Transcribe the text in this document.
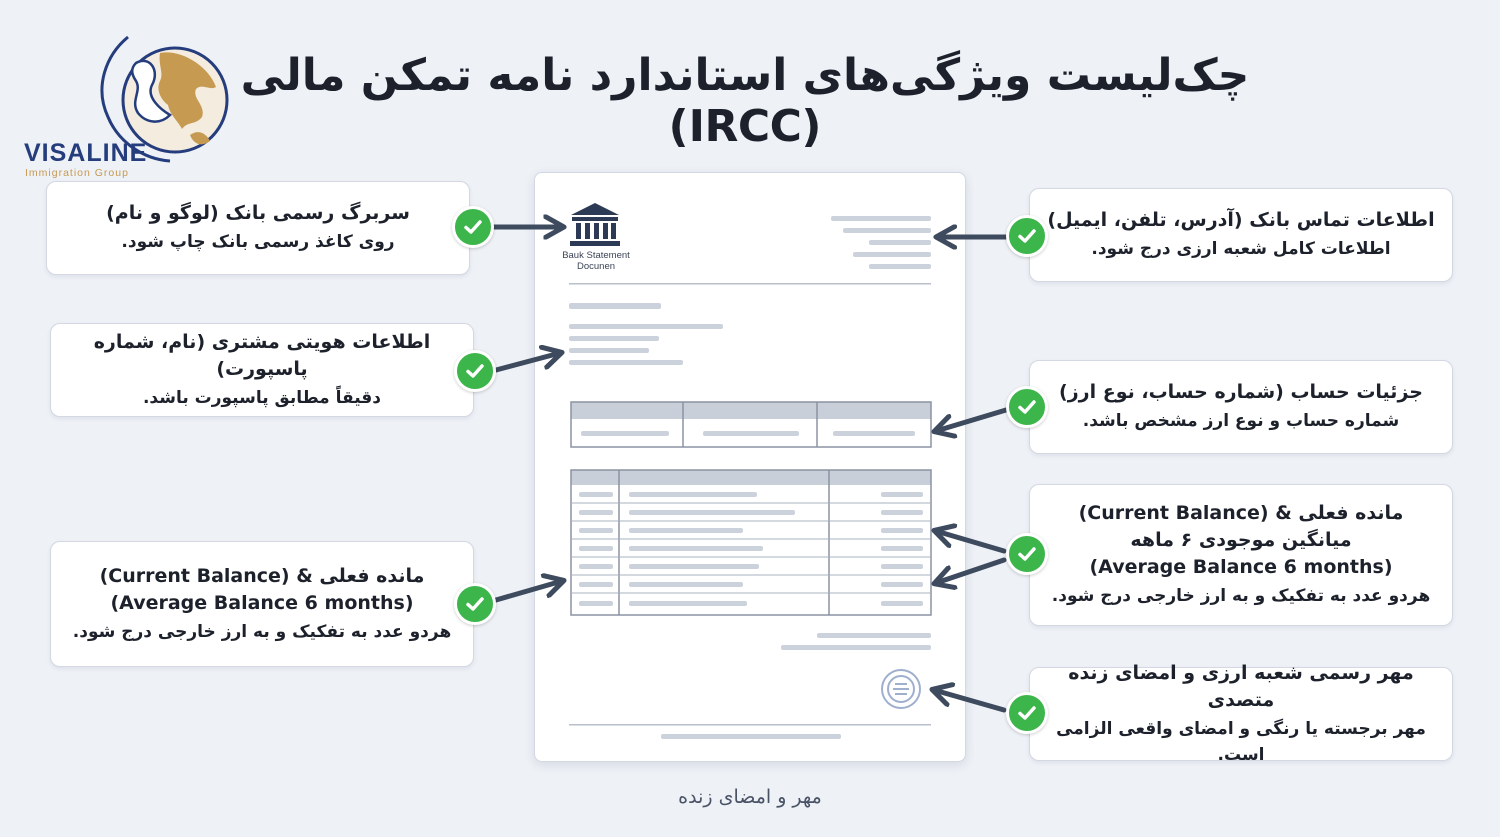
VISALINE
Immigration Group
چک‌لیست ویژگی‌های استاندارد نامه تمکن مالی (IRCC)
Bauk Statement
Docunen
سربرگ رسمی بانک (لوگو و نام)
روی کاغذ رسمی بانک چاپ شود.
اطلاعات هویتی مشتری (نام، شماره پاسپورت)
دقیقاً مطابق پاسپورت باشد.
مانده فعلی (Current Balance) &
(Average Balance 6 months)
هردو عدد به تفکیک و به ارز خارجی درج شود.
اطلاعات تماس بانک (آدرس، تلفن، ایمیل)
اطلاعات کامل شعبه ارزی درج شود.
جزئیات حساب (شماره حساب، نوع ارز)
شماره حساب و نوع ارز مشخص باشد.
مانده فعلی (Current Balance) &
میانگین موجودی ۶ ماهه
(Average Balance 6 months)
هردو عدد به تفکیک و به ارز خارجی درج شود.
مهر رسمی شعبه ارزی و امضای زنده متصدی
مهر برجسته یا رنگی و امضای واقعی الزامی است.
مهر و امضای زنده
